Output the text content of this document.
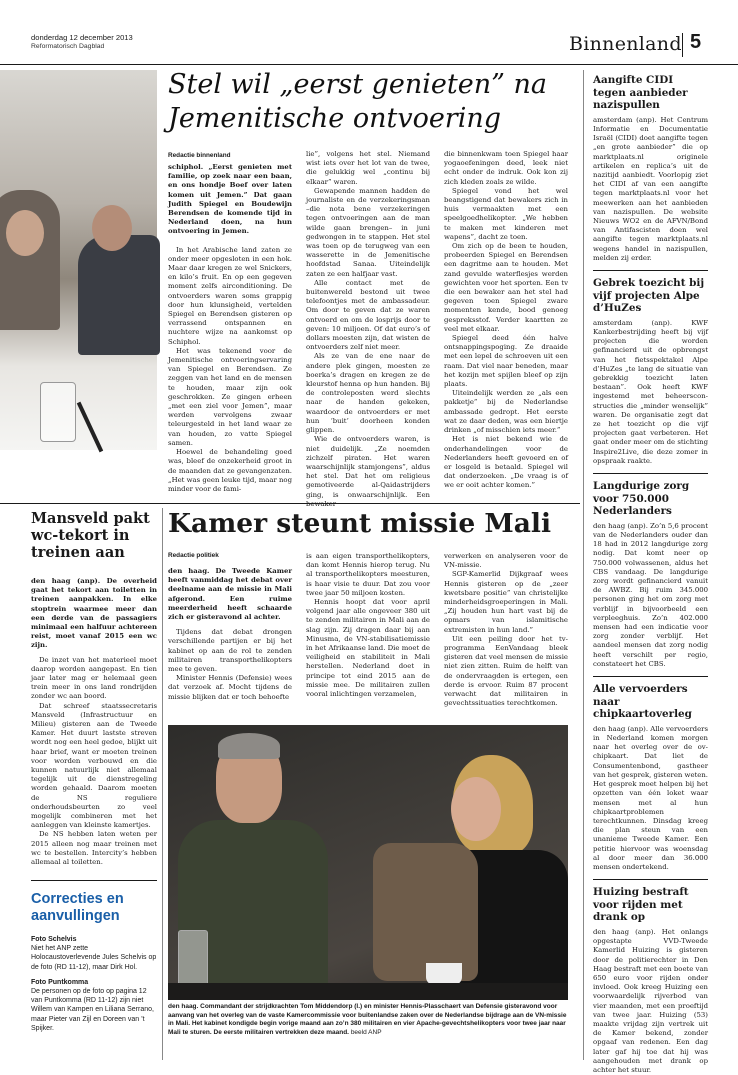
donderdag 12 december 2013
Reformatorisch Dagblad	Binnenland 5
Stel wil „eerst genieten” na
Jemenitische ontvoering
Redactie binnenland

schiphol. „Eerst genieten met familie, op zoek naar een baan, en ons hondje Boef over laten komen uit Jemen.” Dat gaan Judith Spiegel en Boudewijn Berendsen de komende tijd in Nederland doen, na hun ontvoering in Jemen.

In het Arabische land zaten ze onder meer opgesloten in een hok. Maar daar kregen ze wel Snickers, en kilo’s fruit. En op een gegeven moment zelfs airconditioning. De ontvoerders waren soms grappig door hun klunsigheid, vertelden Spiegel en Berendsen gisteren op verrassend ontspannen en nuchtere wijze na aankomst op Schiphol.

Het was tekenend voor de Jemenitische ontvoeringservaring van Spiegel en Berendsen. Ze zeggen van het land en de mensen te houden, maar zijn ook geschrokken. Ze gingen erheen „met een ziel voor Jemen”, maar werden vervolgens zwaar teleurgesteld in het land waar ze van houden, zo vatte Spiegel samen.

Hoewel de behandeling goed was, bleef de onzekerheid groot in de maanden dat ze gevangenzaten. „Het was geen leuke tijd, maar nog minder voor de fami-

lie”, volgens het stel. Niemand wist iets over het lot van de twee, die gelukkig wel „continu bij elkaar” waren.

Gewapende mannen hadden de journaliste en de verzekeringsman –die nota bene verzekeringen tegen ontvoeringen aan de man wilde gaan brengen– in juni gedwongen in te stappen. Het stel was toen op de terugweg van een wasserette in de Jemenitische hoofdstad Sanaa. Uiteindelijk zaten ze een halfjaar vast.

Alle contact met de buitenwereld bestond uit twee telefoontjes met de ambassadeur. Om door te geven dat ze waren ontvoerd en om de losprijs door te geven: 10 miljoen. Of dat euro’s of dollars moesten zijn, dat wisten de ontvoerders zelf niet meer.

Als ze van de ene naar de andere plek gingen, moesten ze boerka’s dragen en kregen ze de kleurstof henna op hun handen. Bij de controleposten werd slechts naar de handen gekeken, waardoor de ontvoerders er met hun ‘buit’ doorheen konden glippen.

Wie de ontvoerders waren, is niet duidelijk. „Ze noemden zichzelf piraten. Het waren waarschijnlijk stamjongens”, aldus het stel. Dat het om religieus gemotiveerde al-Qaidastrijders ging, is onwaarschijnlijk. Een

die binnenkwam toen Spiegel haar yogaoefeningen deed, leek niet echt onder de indruk. Ook kon zij zich kleden zoals ze wilde.

Spiegel vond het wel beangstigend dat bewakers zich in huis vermaakten met een speelgoedhelikopter. „We hebben te maken met kinderen met wapens”, dacht ze toen.

Om zich op de been te houden, probeerden Spiegel en Berendsen een dagritme aan te houden. Met zand gevulde waterflesjes werden gewichten voor het sporten. Een tv die een bewaker aan het stel had gegeven toen Spiegel zware momenten kende, bood genoeg gespreksstof. Verder kaartten ze veel met elkaar.

Spiegel deed één halve ontsnappingspoging. Ze draaide met een lepel de schroeven uit een raam. Dat viel naar beneden, maar het kozijn met spijlen bleef op zijn plaats.

Uiteindelijk werden ze „als een pakketje” bij de Nederlandse ambassade gedropt. Het eerste wat ze daar deden, was een biertje drinken „of misschien iets meer.”

Het is niet bekend wie de onderhandelingen voor de Nederlanders heeft gevoerd en of er losgeld is betaald. Spiegel wil dat onderzoeken. „De vraag is of we er ooit achter komen.”

Mansveld pakt wc-tekort in treinen aan

den haag (anp). De overheid gaat het tekort aan toiletten in treinen aanpakken. In elke stoptrein waarmee meer dan een derde van de passagiers minimaal een halfuur achtereen reist, moet vanaf 2015 een wc zijn.

De inzet van het materieel moet daarop worden aangepast. En tien jaar later mag er helemaal geen trein meer in ons land rondrijden zonder wc aan boord.

Dat schreef staatssecretaris Mansveld (Infrastructuur en Milieu) gisteren aan de Tweede Kamer. Het duurt lastste streven wordt nog een heel gedoe, blijkt uit haar brief, want er moeten treinen voor worden verbouwd en die kunnen natuurlijk niet allemaal tegelijk uit de dienstregeling worden gehaald. Daarom moeten de NS reguliere onderhoudsbeurten zo veel mogelijk combineren met het aanleggen van kleinste kamertjes.

De NS hebben laten weten per 2015 alleen nog maar treinen met wc te bestellen. Intercity’s hebben allemaal al toiletten.

Correcties en aanvullingen
Foto Schelvis
Niet het ANP zette Holocaustoverlevende Jules Schelvis op de foto (RD 11-12), maar Dirk Hol.
Foto Puntkomma
De personen op de foto op pagina 12 van Puntkomma (RD 11-12) zijn niet Willem van Kampen en Liliana Serrano, maar Pieter van Zijl en Doreen van ’t Spijker.
Kamer steunt missie Mali
Redactie politiek

den haag. De Tweede Kamer heeft vanmiddag het debat over deelname aan de missie in Mali afgerond. Een ruime meerderheid heeft schaarde zich er gisteravond al achter.

Tijdens dat debat drongen verschillende partijen er bij het kabinet op aan de rol te zenden militairen transporthelikopters mee te geven.

Minister Hennis (Defensie) wees dat verzoek af. Mocht tijdens de missie blijken dat er toch behoefte

is aan eigen transporthelikopters, dan komt Hennis hierop terug. Nu al transporthelikopters meesturen, is haar visie te duur. Dat zou voor twee jaar 50 miljoen kosten.

Hennis hoopt dat voor april volgend jaar alle ongeveer 380 uit te zenden militairen in Mali aan de slag zijn. Zij dragen daar bij aan Minusma, de VN-stabilisatiemissie in het Afrikaanse land. Die moet de veiligheid en stabiliteit in Mali herstellen. Nederland doet in principe tot eind 2015 aan de missie mee. De militairen zullen vooral inlichtingen verzamelen,

verwerken en analyseren voor de VN-missie.

SGP-Kamerlid Dijkgraaf wees Hennis gisteren op de „zeer kwetsbare positie” van christelijke minderheidsgroeperingen in Mali. „Zij houden hun hart vast bij de opmars van islamitische extremisten in hun land.”

Uit een peiling door het tv-programma EenVandaag bleek gisteren dat veel mensen de missie niet zien zitten. Ruim de helft van de ondervraagden is ertegen, een derde is ervoor. Ruim 87 procent verwacht dat militairen in gevechtssituaties terechtkomen.

den haag. Commandant der strijdkrachten Tom Middendorp (l.) en minister Hennis-Plasschaert van Defensie gisteravond voor aanvang van het overleg van de vaste Kamercommissie voor buitenlandse zaken over de Nederlandse bijdrage aan de VN-missie in Mali. Het kabinet kondigde begin vorige maand aan zo’n 380 militairen en vier Apache-gevechtshelikopters voor twee jaar naar Mali te sturen. De eerste militairen vertrekken deze maand. beeld ANP
Aangifte CIDI tegen aanbieder nazispullen
amsterdam (anp). Het Centrum Informatie en Documentatie Israël (CIDI) doet aangifte tegen „en grote aanbieder” die op marktplaats.nl originele artikelen en replica’s uit de nazitijd aanbiedt. Voorlopig ziet het CIDI af van een aangifte tegen marktplaats.nl voor het meewerken aan het aanbieden van nazispullen. De website Nieuws WO2 en de AFVN/Bond van Antifascisten doen wel aangifte tegen marktplaats.nl wegens handel in nazispullen, melden zij erder.
Gebrek toezicht bij vijf projecten Alpe d’HuZes
amsterdam (anp). KWF Kankerbestrijding heeft bij vijf projecten die worden gefinancierd uit de opbrengst van het fietsspektakel Alpe d’HuZes „te lang de situatie van gebrekkig toezicht laten bestaan”. Ook heeft KWF ingestemd met beheersconstructies die „minder wenselijk” waren. De organisatie zegt dat ze het toezicht op die vijf projecten gaat verbeteren. Het gaat onder meer om de stichting Inspire2Live, die deze zomer in opspraak raakte.
Langdurige zorg voor 750.000 Nederlanders
den haag (anp). Zo’n 5,6 procent van de Nederlanders ouder dan 18 had in 2012 langdurige zorg nodig. Dat komt neer op 750.000 volwassenen, aldus het CBS vandaag. De langdurige zorg wordt gefinancierd vanuit de AWBZ. Bij ruim 345.000 personen ging het om zorg met verblijf in bijvoorbeeld een verpleeghuis. Zo’n 402.000 mensen had een indicatie voor zorg zonder verblijf. Het aandeel mensen dat zorg nodig heeft verschilt per regio, constateert het CBS.
Alle vervoerders naar chipkaartoverleg
den haag (anp). Alle vervoerders in Nederland komen morgen naar het overleg over de ov-chipkaart. Dat liet de Consumentenbond, gastheer van het gesprek, gisteren weten. Het gesprek moet helpen bij het opzetten van één loket waar mensen met al hun chipkaartproblemen terechtkunnen. Dinsdag kreeg die plan steun van een unanieme Tweede Kamer. Een petitie hiervoor was woensdag al door meer dan 36.000 mensen ondertekend.
Huizing bestraft voor rijden met drank op
den haag (anp). Het onlangs opgestapte VVD-Tweede Kamerlid Huizing is gisteren door de politierechter in Den Haag bestraft met een boete van 650 euro voor rijden onder invloed. Ook kreeg Huizing een voorwaardelijk rijverbod van vier maanden, met een proeftijd van twee jaar. Huizing (53) maakte vrijdag zijn vertrek uit de Kamer bekend, zonder opgaaf van redenen. Een dag later gaf hij toe dat hij was aangehouden met drank op achter het stuur.
